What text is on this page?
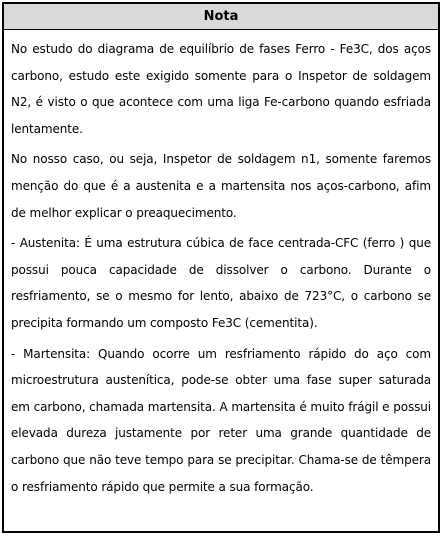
Nota

No estudo do diagrama de equilíbrio de fases Ferro - Fe3C, dos aços carbono, estudo este exigido somente para o Inspetor de soldagem N2, é visto o que acontece com uma liga Fe-carbono quando esfriada lentamente.

No nosso caso, ou seja, Inspetor de soldagem n1, somente faremos menção do que é a austenita e a martensita nos aços-carbono, afim de melhor explicar o preaquecimento.

- Austenita: É uma estrutura cúbica de face centrada-CFC (ferro ) que possui pouca capacidade de dissolver o carbono. Durante o resfriamento, se o mesmo for lento, abaixo de 723°C, o carbono se precipita formando um composto Fe3C (cementita).

- Martensita: Quando ocorre um resfriamento rápido do aço com microestrutura austenítica, pode-se obter uma fase super saturada em carbono, chamada martensita. A martensita é muito frágil e possui elevada dureza justamente por reter uma grande quantidade de carbono que não teve tempo para se precipitar. Chama-se de têmpera o resfriamento rápido que permite a sua formação.
